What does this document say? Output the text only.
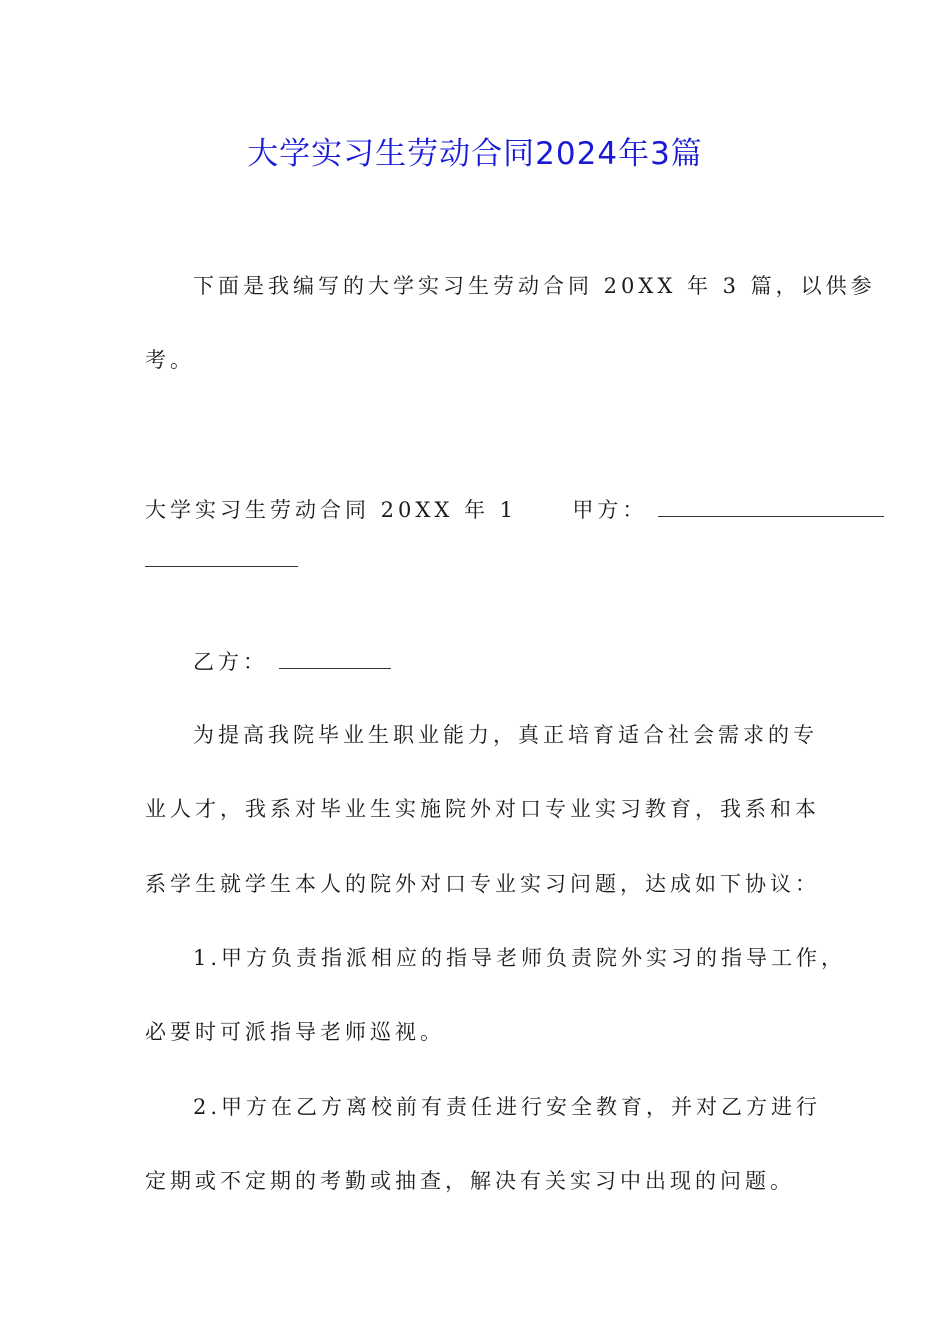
大学实习生劳动合同2024年3篇
下面是我编写的大学实习生劳动合同 20XX 年 3 篇，以供参
考。
大学实习生劳动合同 20XX 年 1	甲方：
乙方：
为提高我院毕业生职业能力，真正培育适合社会需求的专
业人才，我系对毕业生实施院外对口专业实习教育，我系和本
系学生就学生本人的院外对口专业实习问题，达成如下协议：
1.甲方负责指派相应的指导老师负责院外实习的指导工作，
必要时可派指导老师巡视。
2.甲方在乙方离校前有责任进行安全教育，并对乙方进行
定期或不定期的考勤或抽查，解决有关实习中出现的问题。
